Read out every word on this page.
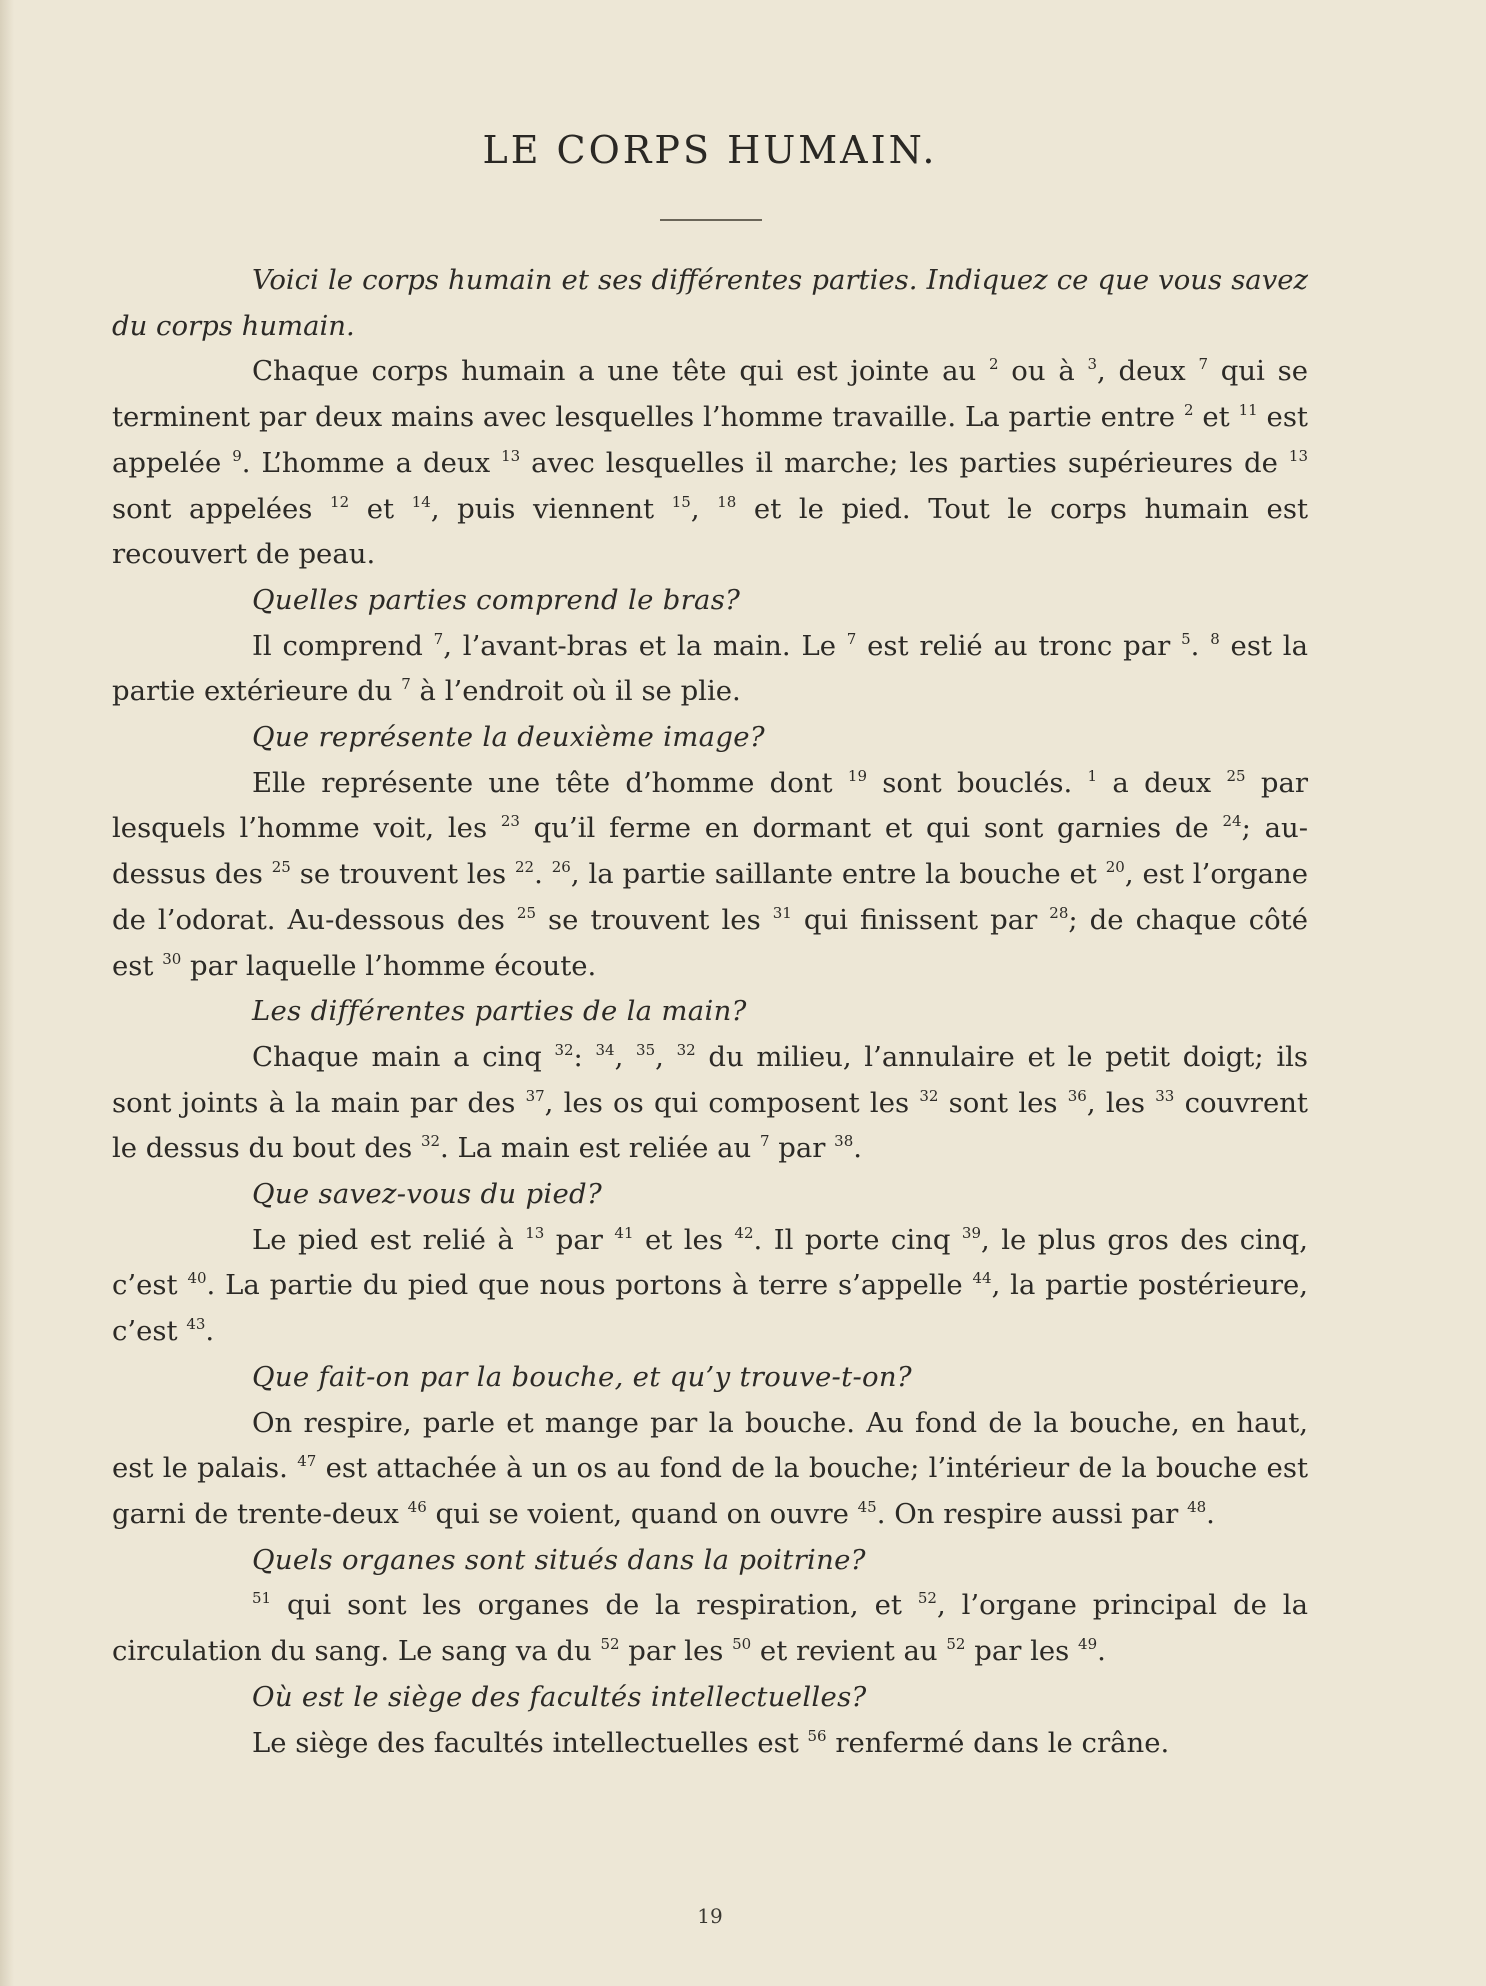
LE CORPS HUMAIN.

Voici le corps humain et ses différentes parties. Indiquez ce que vous savez du corps humain.

Chaque corps humain a une tête qui est jointe au $^2$ ou à $^3$, deux $^7$ qui se terminent par deux mains avec lesquelles l’homme travaille. La partie entre $^2$ et $^{11}$ est appelée $^9$. L’homme a deux $^{13}$ avec lesquelles il marche; les parties supérieures de $^{13}$ sont appelées $^{12}$ et $^{14}$, puis viennent $^{15}$, $^{18}$ et le pied. Tout le corps humain est recouvert de peau.

Quelles parties comprend le bras?

Il comprend $^7$, l’avant-bras et la main. Le $^7$ est relié au tronc par $^5$. $^8$ est la partie extérieure du $^7$ à l’endroit où il se plie.

Que représente la deuxième image?

Elle représente une tête d’homme dont $^{19}$ sont bouclés. $^1$ a deux $^{25}$ par lesquels l’homme voit, les $^{23}$ qu’il ferme en dormant et qui sont garnies de $^{24}$; au-dessus des $^{25}$ se trouvent les $^{22}$. $^{26}$, la partie saillante entre la bouche et $^{20}$, est l’organe de l’odorat. Au-dessous des $^{25}$ se trouvent les $^{31}$ qui finissent par $^{28}$; de chaque côté est $^{30}$ par laquelle l’homme écoute.

Les différentes parties de la main?

Chaque main a cinq $^{32}$: $^{34}$, $^{35}$, $^{32}$ du milieu, l’annulaire et le petit doigt; ils sont joints à la main par des $^{37}$, les os qui composent les $^{32}$ sont les $^{36}$, les $^{33}$ couvrent le dessus du bout des $^{32}$. La main est reliée au $^7$ par $^{38}$.

Que savez-vous du pied?

Le pied est relié à $^{13}$ par $^{41}$ et les $^{42}$. Il porte cinq $^{39}$, le plus gros des cinq, c’est $^{40}$. La partie du pied que nous portons à terre s’appelle $^{44}$, la partie postérieure, c’est $^{43}$.

Que fait-on par la bouche, et qu’y trouve-t-on?

On respire, parle et mange par la bouche. Au fond de la bouche, en haut, est le palais. $^{47}$ est attachée à un os au fond de la bouche; l’intérieur de la bouche est garni de trente-deux $^{46}$ qui se voient, quand on ouvre $^{45}$. On respire aussi par $^{48}$.

Quels organes sont situés dans la poitrine?

$^{51}$ qui sont les organes de la respiration, et $^{52}$, l’organe principal de la circulation du sang. Le sang va du $^{52}$ par les $^{50}$ et revient au $^{52}$ par les $^{49}$.

Où est le siège des facultés intellectuelles?

Le siège des facultés intellectuelles est $^{56}$ renfermé dans le crâne.

19
